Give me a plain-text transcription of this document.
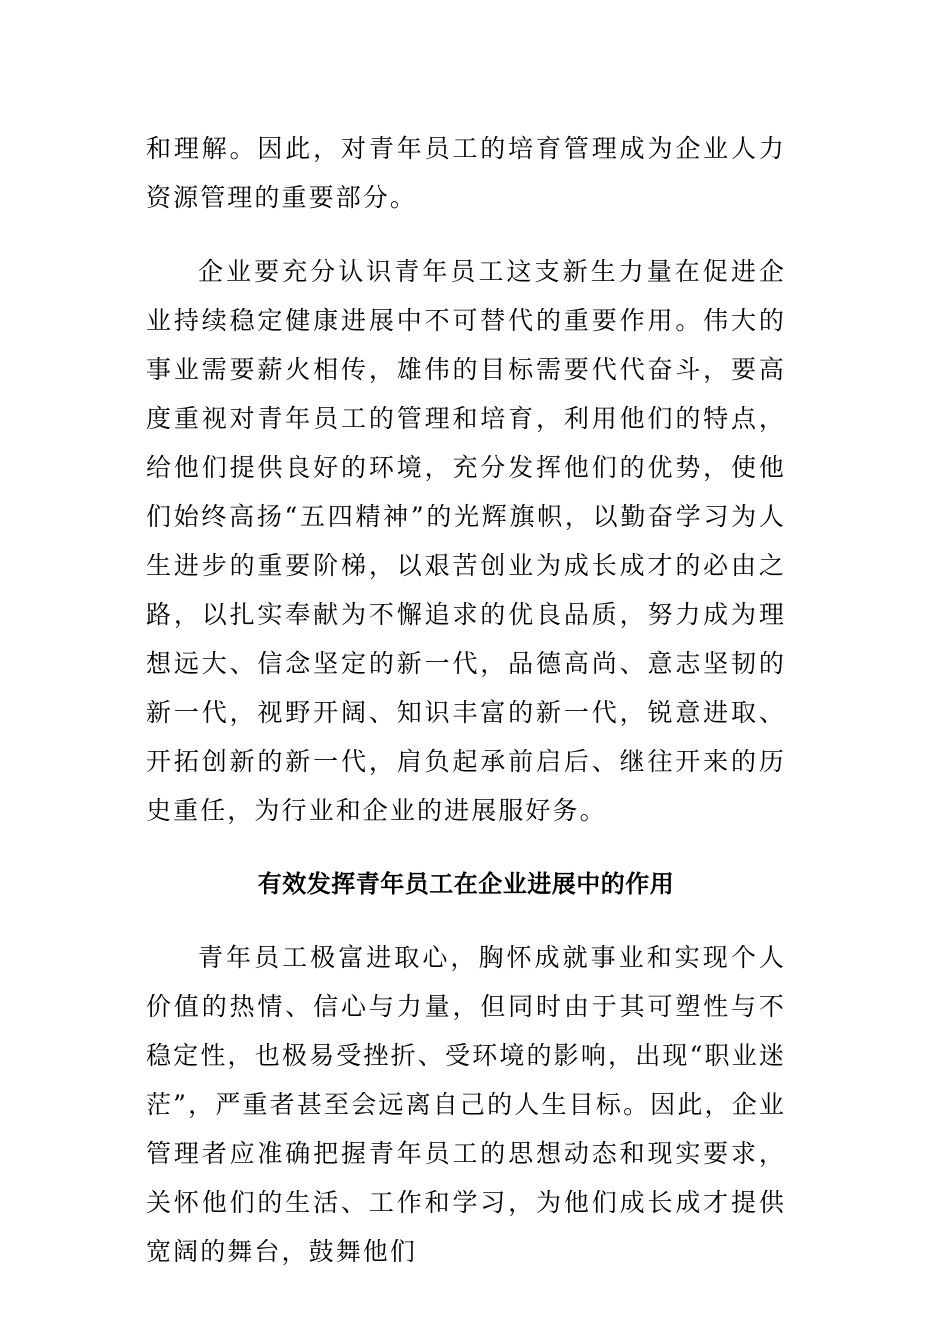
和理解。因此，对青年员工的培育管理成为企业人力资源管理的重要部分。

企业要充分认识青年员工这支新生力量在促进企业持续稳定健康进展中不可替代的重要作用。伟大的事业需要薪火相传，雄伟的目标需要代代奋斗，要高度重视对青年员工的管理和培育，利用他们的特点，给他们提供良好的环境，充分发挥他们的优势，使他们始终高扬“五四精神”的光辉旗帜，以勤奋学习为人生进步的重要阶梯，以艰苦创业为成长成才的必由之路，以扎实奉献为不懈追求的优良品质，努力成为理想远大、信念坚定的新一代，品德高尚、意志坚韧的新一代，视野开阔、知识丰富的新一代，锐意进取、开拓创新的新一代，肩负起承前启后、继往开来的历史重任，为行业和企业的进展服好务。

有效发挥青年员工在企业进展中的作用

青年员工极富进取心，胸怀成就事业和实现个人价值的热情、信心与力量，但同时由于其可塑性与不稳定性，也极易受挫折、受环境的影响，出现“职业迷茫”，严重者甚至会远离自己的人生目标。因此，企业管理者应准确把握青年员工的思想动态和现实要求，关怀他们的生活、工作和学习，为他们成长成才提供宽阔的舞台，鼓舞他们
